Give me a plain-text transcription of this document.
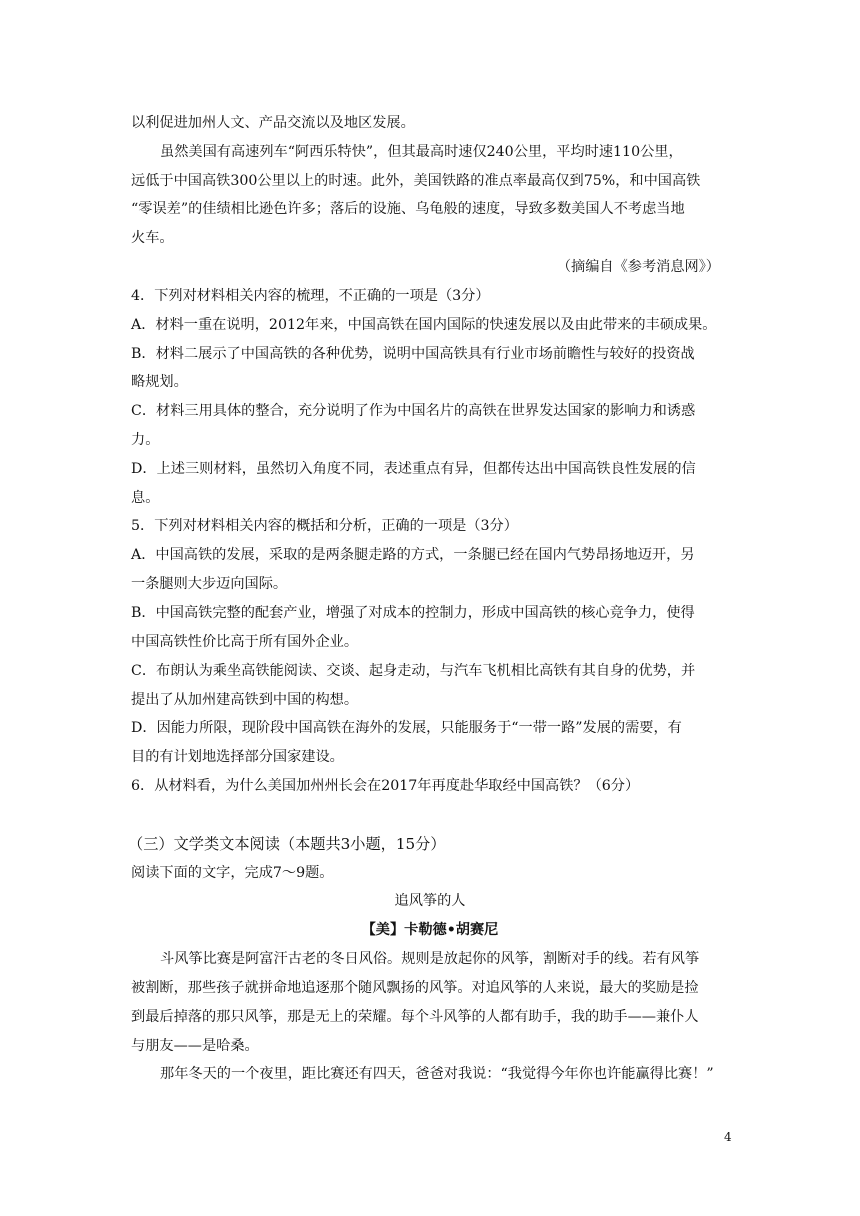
以利促进加州人文、产品交流以及地区发展。
虽然美国有高速列车“阿西乐特快”，但其最高时速仅240公里，平均时速110公里，
远低于中国高铁300公里以上的时速。此外，美国铁路的准点率最高仅到75%，和中国高铁
“零误差”的佳绩相比逊色许多；落后的设施、乌龟般的速度，导致多数美国人不考虑当地
火车。
（摘编自《参考消息网》）
4．下列对材料相关内容的梳理，不正确的一项是（3分）
A．材料一重在说明，2012年来，中国高铁在国内国际的快速发展以及由此带来的丰硕成果。
B．材料二展示了中国高铁的各种优势，说明中国高铁具有行业市场前瞻性与较好的投资战
略规划。
C．材料三用具体的整合，充分说明了作为中国名片的高铁在世界发达国家的影响力和诱惑
力。
D．上述三则材料，虽然切入角度不同，表述重点有异，但都传达出中国高铁良性发展的信
息。
5．下列对材料相关内容的概括和分析，正确的一项是（3分）
A．中国高铁的发展，采取的是两条腿走路的方式，一条腿已经在国内气势昂扬地迈开，另
一条腿则大步迈向国际。
B．中国高铁完整的配套产业，增强了对成本的控制力，形成中国高铁的核心竞争力，使得
中国高铁性价比高于所有国外企业。
C．布朗认为乘坐高铁能阅读、交谈、起身走动，与汽车飞机相比高铁有其自身的优势，并
提出了从加州建高铁到中国的构想。
D．因能力所限，现阶段中国高铁在海外的发展，只能服务于“一带一路”发展的需要，有
目的有计划地选择部分国家建设。
6．从材料看，为什么美国加州州长会在2017年再度赴华取经中国高铁？（6分）
（三）文学类文本阅读（本题共3小题，15分）
阅读下面的文字，完成7～9题。
追风筝的人
【美】卡勒德•胡赛尼
斗风筝比赛是阿富汗古老的冬日风俗。规则是放起你的风筝，割断对手的线。若有风筝
被割断，那些孩子就拼命地追逐那个随风飘扬的风筝。对追风筝的人来说，最大的奖励是捡
到最后掉落的那只风筝，那是无上的荣耀。每个斗风筝的人都有助手，我的助手——兼仆人
与朋友——是哈桑。
那年冬天的一个夜里，距比赛还有四天，爸爸对我说：“我觉得今年你也许能赢得比赛！”
4
